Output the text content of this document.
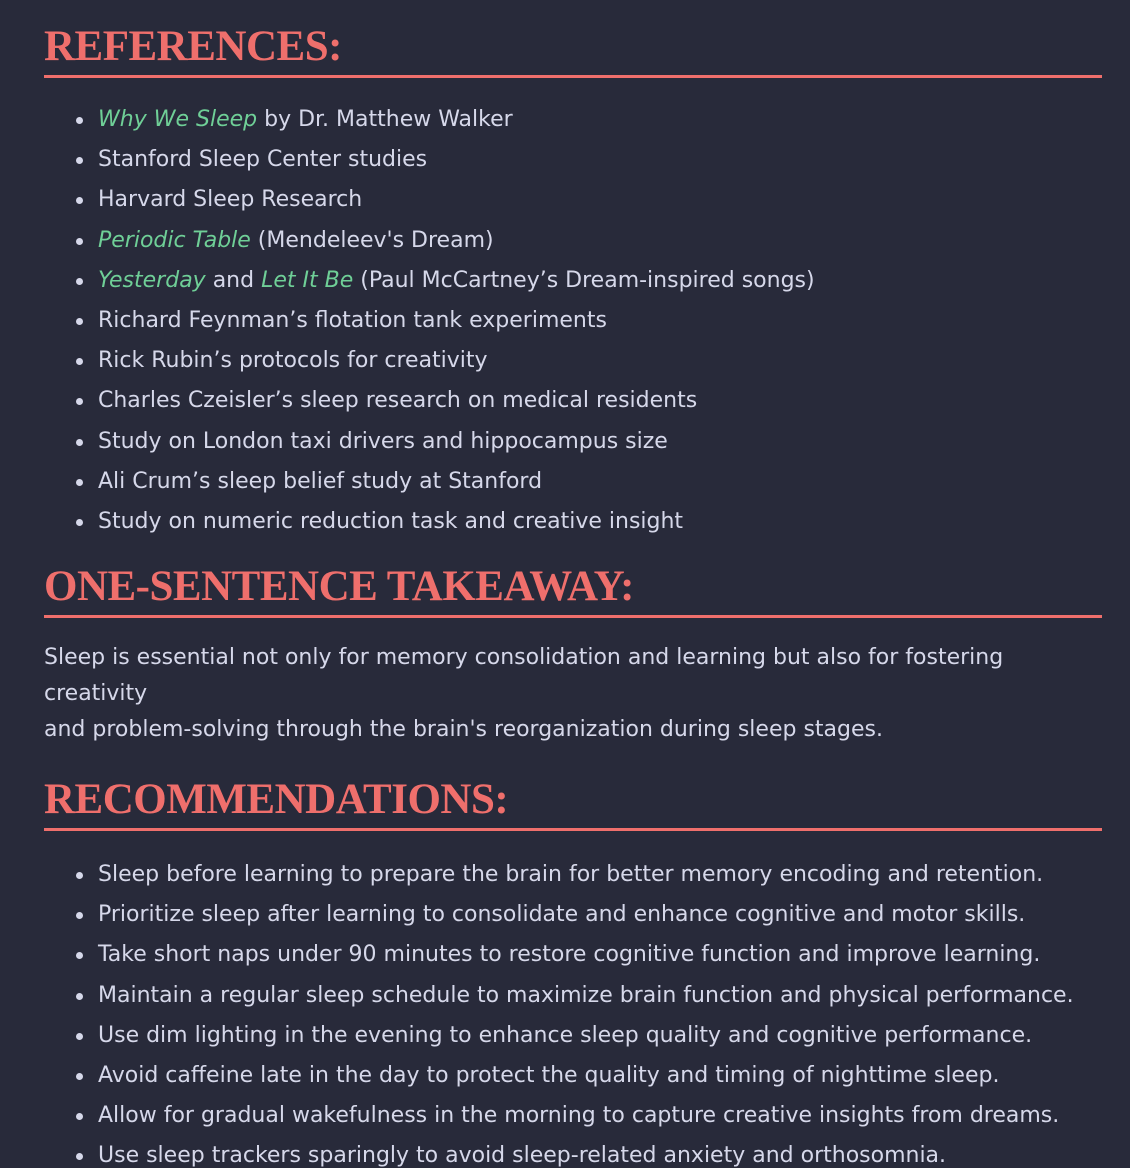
REFERENCES:
Why We Sleep by Dr. Matthew Walker
Stanford Sleep Center studies
Harvard Sleep Research
Periodic Table (Mendeleev's Dream)
Yesterday and Let It Be (Paul McCartney’s Dream-inspired songs)
Richard Feynman’s flotation tank experiments
Rick Rubin’s protocols for creativity
Charles Czeisler’s sleep research on medical residents
Study on London taxi drivers and hippocampus size
Ali Crum’s sleep belief study at Stanford
Study on numeric reduction task and creative insight
ONE-SENTENCE TAKEAWAY:

Sleep is essential not only for memory consolidation and learning but also for fostering creativity
and problem-solving through the brain's reorganization during sleep stages.

RECOMMENDATIONS:
Sleep before learning to prepare the brain for better memory encoding and retention.
Prioritize sleep after learning to consolidate and enhance cognitive and motor skills.
Take short naps under 90 minutes to restore cognitive function and improve learning.
Maintain a regular sleep schedule to maximize brain function and physical performance.
Use dim lighting in the evening to enhance sleep quality and cognitive performance.
Avoid caffeine late in the day to protect the quality and timing of nighttime sleep.
Allow for gradual wakefulness in the morning to capture creative insights from dreams.
Use sleep trackers sparingly to avoid sleep-related anxiety and orthosomnia.
